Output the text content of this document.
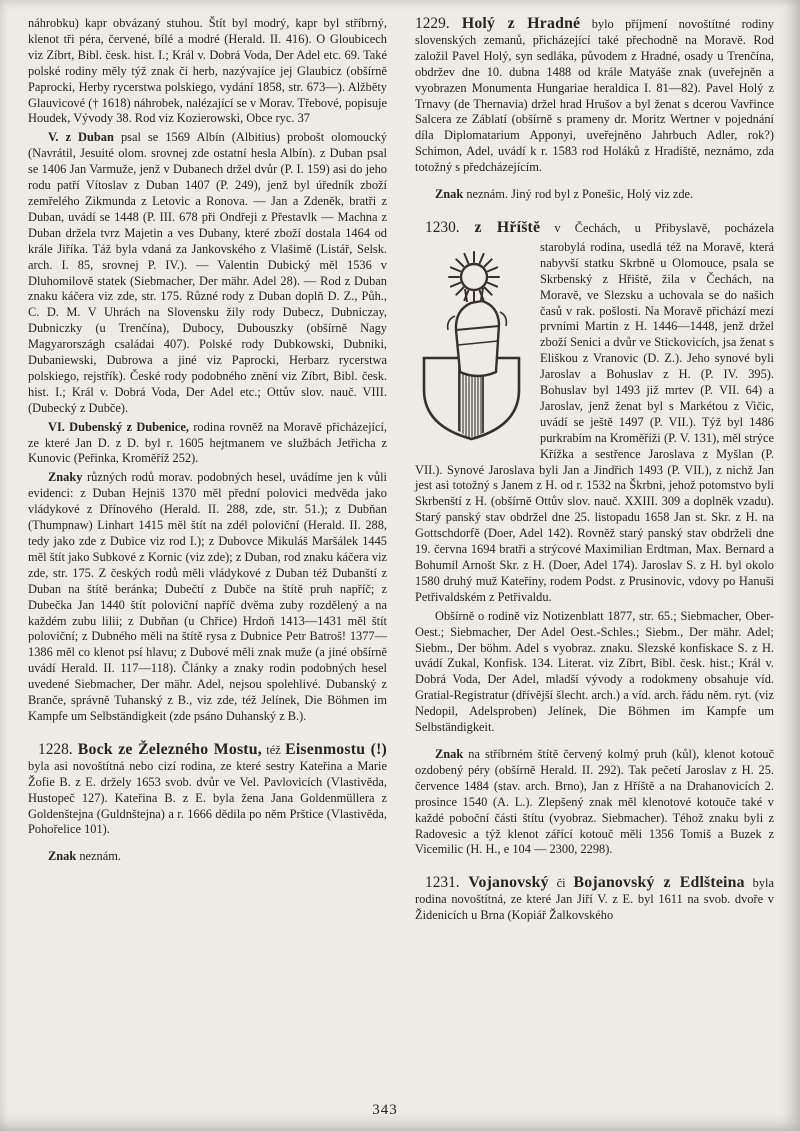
náhrobku) kapr obvázaný stuhou. Štít byl modrý, kapr byl stříbrný, klenot tři péra, červené, bílé a modré (Herald. II. 416). O Gloubicech viz Zíbrt, Bibl. česk. hist. I.; Král v. Dobrá Voda, Der Adel etc. 69. Také polské rodiny měly týž znak či herb, nazývajíce jej Glaubicz (obšírně Paprocki, Herby rycerstwa polskiego, vydání 1858, str. 673—). Alžběty Glauvicové († 1618) náhrobek, nalézající se v Morav. Třebové, popisuje Houdek, Vývody 38. Rod viz Kozierowski, Obce ryc. 37

V. z Duban psal se 1569 Albín (Albitius) probošt olomoucký (Navrátil, Jesuité olom. srovnej zde ostatní hesla Albín). z Duban psal se 1406 Jan Varmuže, jenž v Dubanech držel dvůr (P. I. 159) asi do jeho rodu patří Vítoslav z Duban 1407 (P. 249), jenž byl úředník zboží zemřelého Zikmunda z Letovic a Ronova. — Jan a Zdeněk, bratři z Duban, uvádí se 1448 (P. III. 678 při Ondřeji z Přestavlk — Machna z Duban držela tvrz Majetin a ves Dubany, které zboží dostala 1464 od krále Jiříka. Táž byla vdaná za Jankovského z Vlašimě (Listář, Selsk. arch. I. 85, srovnej P. IV.). — Valentin Dubický měl 1536 v Dluhomilově statek (Siebmacher, Der mähr. Adel 28). — Rod z Duban znaku káčera viz zde, str. 175. Různé rody z Duban doplň D. Z., Půh., C. D. M. V Uhrách na Slovensku žily rody Dubecz, Dubniczay, Dubniczky (u Trenčína), Dubocy, Dubouszky (obšírně Nagy Magyarországh családai 407). Polské rody Dubkowski, Dubniki, Dubaniewski, Dubrowa a jiné viz Paprocki, Herbarz rycerstwa polskiego, rejstřík). České rody podobného znění viz Zíbrt, Bibl. česk. hist. I.; Král v. Dobrá Voda, Der Adel etc.; Ottův slov. nauč. VIII. (Dubecký z Dubče).

VI. Dubenský z Dubenice, rodina rovněž na Moravě přicházející, ze které Jan D. z D. byl r. 1605 hejtmanem ve službách Jetřicha z Kunovic (Peřinka, Kroměříž 252).

Znaky různých rodů morav. podobných hesel, uvádíme jen k vůli evidenci: z Duban Hejniš 1370 měl přední polovici medvěda jako vládykové z Dřínového (Herald. II. 288, zde, str. 51.); z Dubňan (Thumpnaw) Linhart 1415 měl štít na zdél poloviční (Herald. II. 288, tedy jako zde z Dubice viz rod I.); z Dubovce Mikuláš Maršálek 1445 měl štít jako Subkové z Kornic (viz zde); z Duban, rod znaku káčera viz zde, str. 175. Z českých rodů měli vládykové z Duban též Dubanští z Duban na štítě beránka; Dubečtí z Dubče na štítě pruh napříč; z Dubečka Jan 1440 štít poloviční napříč dvěma zuby rozdělený a na každém zubu lilii; z Dubňan (u Chřice) Hrdoň 1413—1431 měl štít poloviční; z Dubného měli na štítě rysa z Dubnice Petr Batroš! 1377—1386 měl co klenot psí hlavu; z Dubové měli znak muže (a jiné obšírně uvádí Herald. II. 117—118). Články a znaky rodin podobných hesel uvedené Siebmacher, Der mähr. Adel, nejsou spolehlivé. Dubanský z Branče, správně Tuhanský z B., viz zde, též Jelínek, Die Böhmen im Kampfe um Selbständigkeit (zde psáno Duhanský z B.).

1228. Bock ze Železného Mostu, též Eisenmostu (!) byla asi novoštítná nebo cizí rodina, ze které sestry Kateřina a Marie Žofie B. z E. držely 1653 svob. dvůr ve Vel. Pavlovicích (Vlastivěda, Hustopeč 127). Kateřina B. z E. byla žena Jana Goldenmüllera z Goldenštejna (Guldnštejna) a r. 1666 dědila po něm Prštice (Vlastivěda, Pohořelice 101).

Znak neznám.

1229. Holý z Hradné bylo příjmení novoštítné rodiny slovenských zemanů, přicházející také přechodně na Moravě. Rod založil Pavel Holý, syn sedláka, původem z Hradné, osady u Trenčína, obdržev dne 10. dubna 1488 od krále Matyáše znak (uveřejněn a vyobrazen Monumenta Hungariae heraldica I. 81—82). Pavel Holý z Trnavy (de Thernavia) držel hrad Hrušov a byl ženat s dcerou Vavřince Salcera ze Záblatí (obšírně s prameny dr. Moritz Wertner v pojednání díla Diplomatarium Apponyi, uveřejněno Jahrbuch Adler, rok?) Schimon, Adel, uvádí k r. 1583 rod Holáků z Hradiště, neznámo, zda totožný s předcházejícím.

Znak neznám. Jiný rod byl z Ponešic, Holý viz zde.

1230. z Hříště v Čechách, u Přibyslavě, pocházela

starobylá rodina, usedlá též na Moravě, která nabyvší statku Skrbně u Olomouce, psala se Skrbenský z Hřiště, žila v Čechách, na Moravě, ve Slezsku a uchovala se do našich časů v rak. pošlosti. Na Moravě přichází mezi prvními Martin z H. 1446—1448, jenž držel zboží Senici a dvůr ve Stickovicích, jsa ženat s Eliškou z Vranovic (D. Z.). Jeho synové byli Jaroslav a Bohuslav z H. (P. IV. 395). Bohuslav byl 1493 již mrtev (P. VII. 64) a Jaroslav, jenž ženat byl s Markétou z Vičic, uvádí se ještě 1497 (P. VII.). Týž byl 1486 purkrabím na Kroměříži (P. V. 131), měl strýce Křížka a sestřence Jaroslava z Myšlan (P. VII.). Synové Jaroslava byli Jan a Jindřich 1493 (P. VII.), z nichž Jan jest asi totožný s Janem z H. od r. 1532 na Škrbni, jehož potomstvo byli Skrbenští z H. (obšírně Ottův slov. nauč. XXIII. 309 a doplněk vzadu). Starý panský stav obdržel dne 25. listopadu 1658 Jan st. Skr. z H. na Gottschdorfě (Doer, Adel 142). Rovněž starý panský stav obdrželi dne 19. června 1694 bratři a strýcové Maximilian Erdtman, Max. Bernard a Bohumil Arnošt Skr. z H. (Doer, Adel 174). Jaroslav S. z H. byl okolo 1580 druhý muž Kateřiny, rodem Podst. z Prusinovic, vdovy po Hanuši Petřivaldském z Petřivaldu.

Obšírně o rodině viz Notizenblatt 1877, str. 65.; Siebmacher, Ober-Oest.; Siebmacher, Der Adel Oest.-Schles.; Siebm., Der mähr. Adel; Siebm., Der böhm. Adel s vyobraz. znaku. Slezské konfiskace S. z H. uvádí Zukal, Konfisk. 134. Literat. viz Zíbrt, Bibl. česk. hist.; Král v. Dobrá Voda, Der Adel, mladší vývody a rodokmeny obsahuje víd. Gratial-Registratur (dřívější šlecht. arch.) a víd. arch. řádu něm. ryt. (viz Nedopil, Adelsproben) Jelínek, Die Böhmen im Kampfe um Selbständigkeit.

Znak na stříbrném štítě červený kolmý pruh (kůl), klenot kotouč ozdobený péry (obšírně Herald. II. 292). Tak pečetí Jaroslav z H. 25. července 1484 (stav. arch. Brno), Jan z Hříště a na Drahanovicích 2. prosince 1540 (A. L.). Zlepšený znak měl klenotové kotouče také v každé poboční části štítu (vyobraz. Siebmacher). Téhož znaku byli z Radovesic a týž klenot zářící kotouč měli 1356 Tomiš a Buzek z Vicemilic (H. H., e 104 — 2300, 2298).

1231. Vojanovský či Bojanovský z Edlšteina byla rodina novoštítná, ze které Jan Jiří V. z E. byl 1611 na svob. dvoře v Židenicích u Brna (Kopiář Žalkovského

343
